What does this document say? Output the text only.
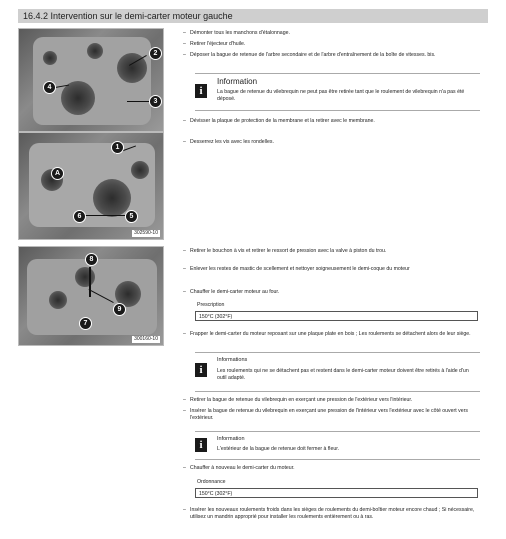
16.4.2 Intervention sur le demi-carter moteur gauche
2
4
3
1
A
6	5
302590-10
8
9
7
300160-10
– Démonter tous les manchons d'étalonnage.
– Retirer l'éjecteur d'huile.
– Déposer la bague de retenue de l'arbre secondaire et de l'arbre d'entraînement de la boîte de vitesses. bis.
i
Information
La bague de retenue du vilebrequin ne peut pas être retirée tant que le roulement de vilebrequin n'a pas été déposé.
– Dévisser la plaque de protection de la membrane et la retirer avec le membrane.
– Desserrez les vis avec les rondelles.
– Retirer le bouchon à vis et retirer le ressort de pression avec la valve à piston du trou.
– Enlever les restes de mastic de scellement et nettoyer soigneusement le demi-coque du moteur
– Chauffer le demi-carter moteur au four.
Prescription
150°C (302°F)
– Frapper le demi-carter du moteur reposant sur une plaque plate en bois ; Les roulements se détachent alors de leur siège.
i
Informations
Les roulements qui ne se détachent pas et restent dans le demi-carter moteur doivent être retirés à l'aide d'un outil adapté.
– Retirer la bague de retenue du vilebrequin en exerçant une pression de l'extérieur vers l'intérieur.
– Insérer la bague de retenue du vilebrequin en exerçant une pression de l'intérieur vers l'extérieur avec le côté ouvert vers l'extérieur.
i	Information
L'extérieur de la bague de retenue doit fermer à fleur.
– Chauffer à nouveau le demi-carter du moteur.
Ordonnance
150°C (302°F)
– Insérer les nouveaux roulements froids dans les sièges de roulements du demi-boîtier moteur encore chaud ; Si nécessaire, utilisez un mandrin approprié pour installer les roulements entièrement ou à ras.
